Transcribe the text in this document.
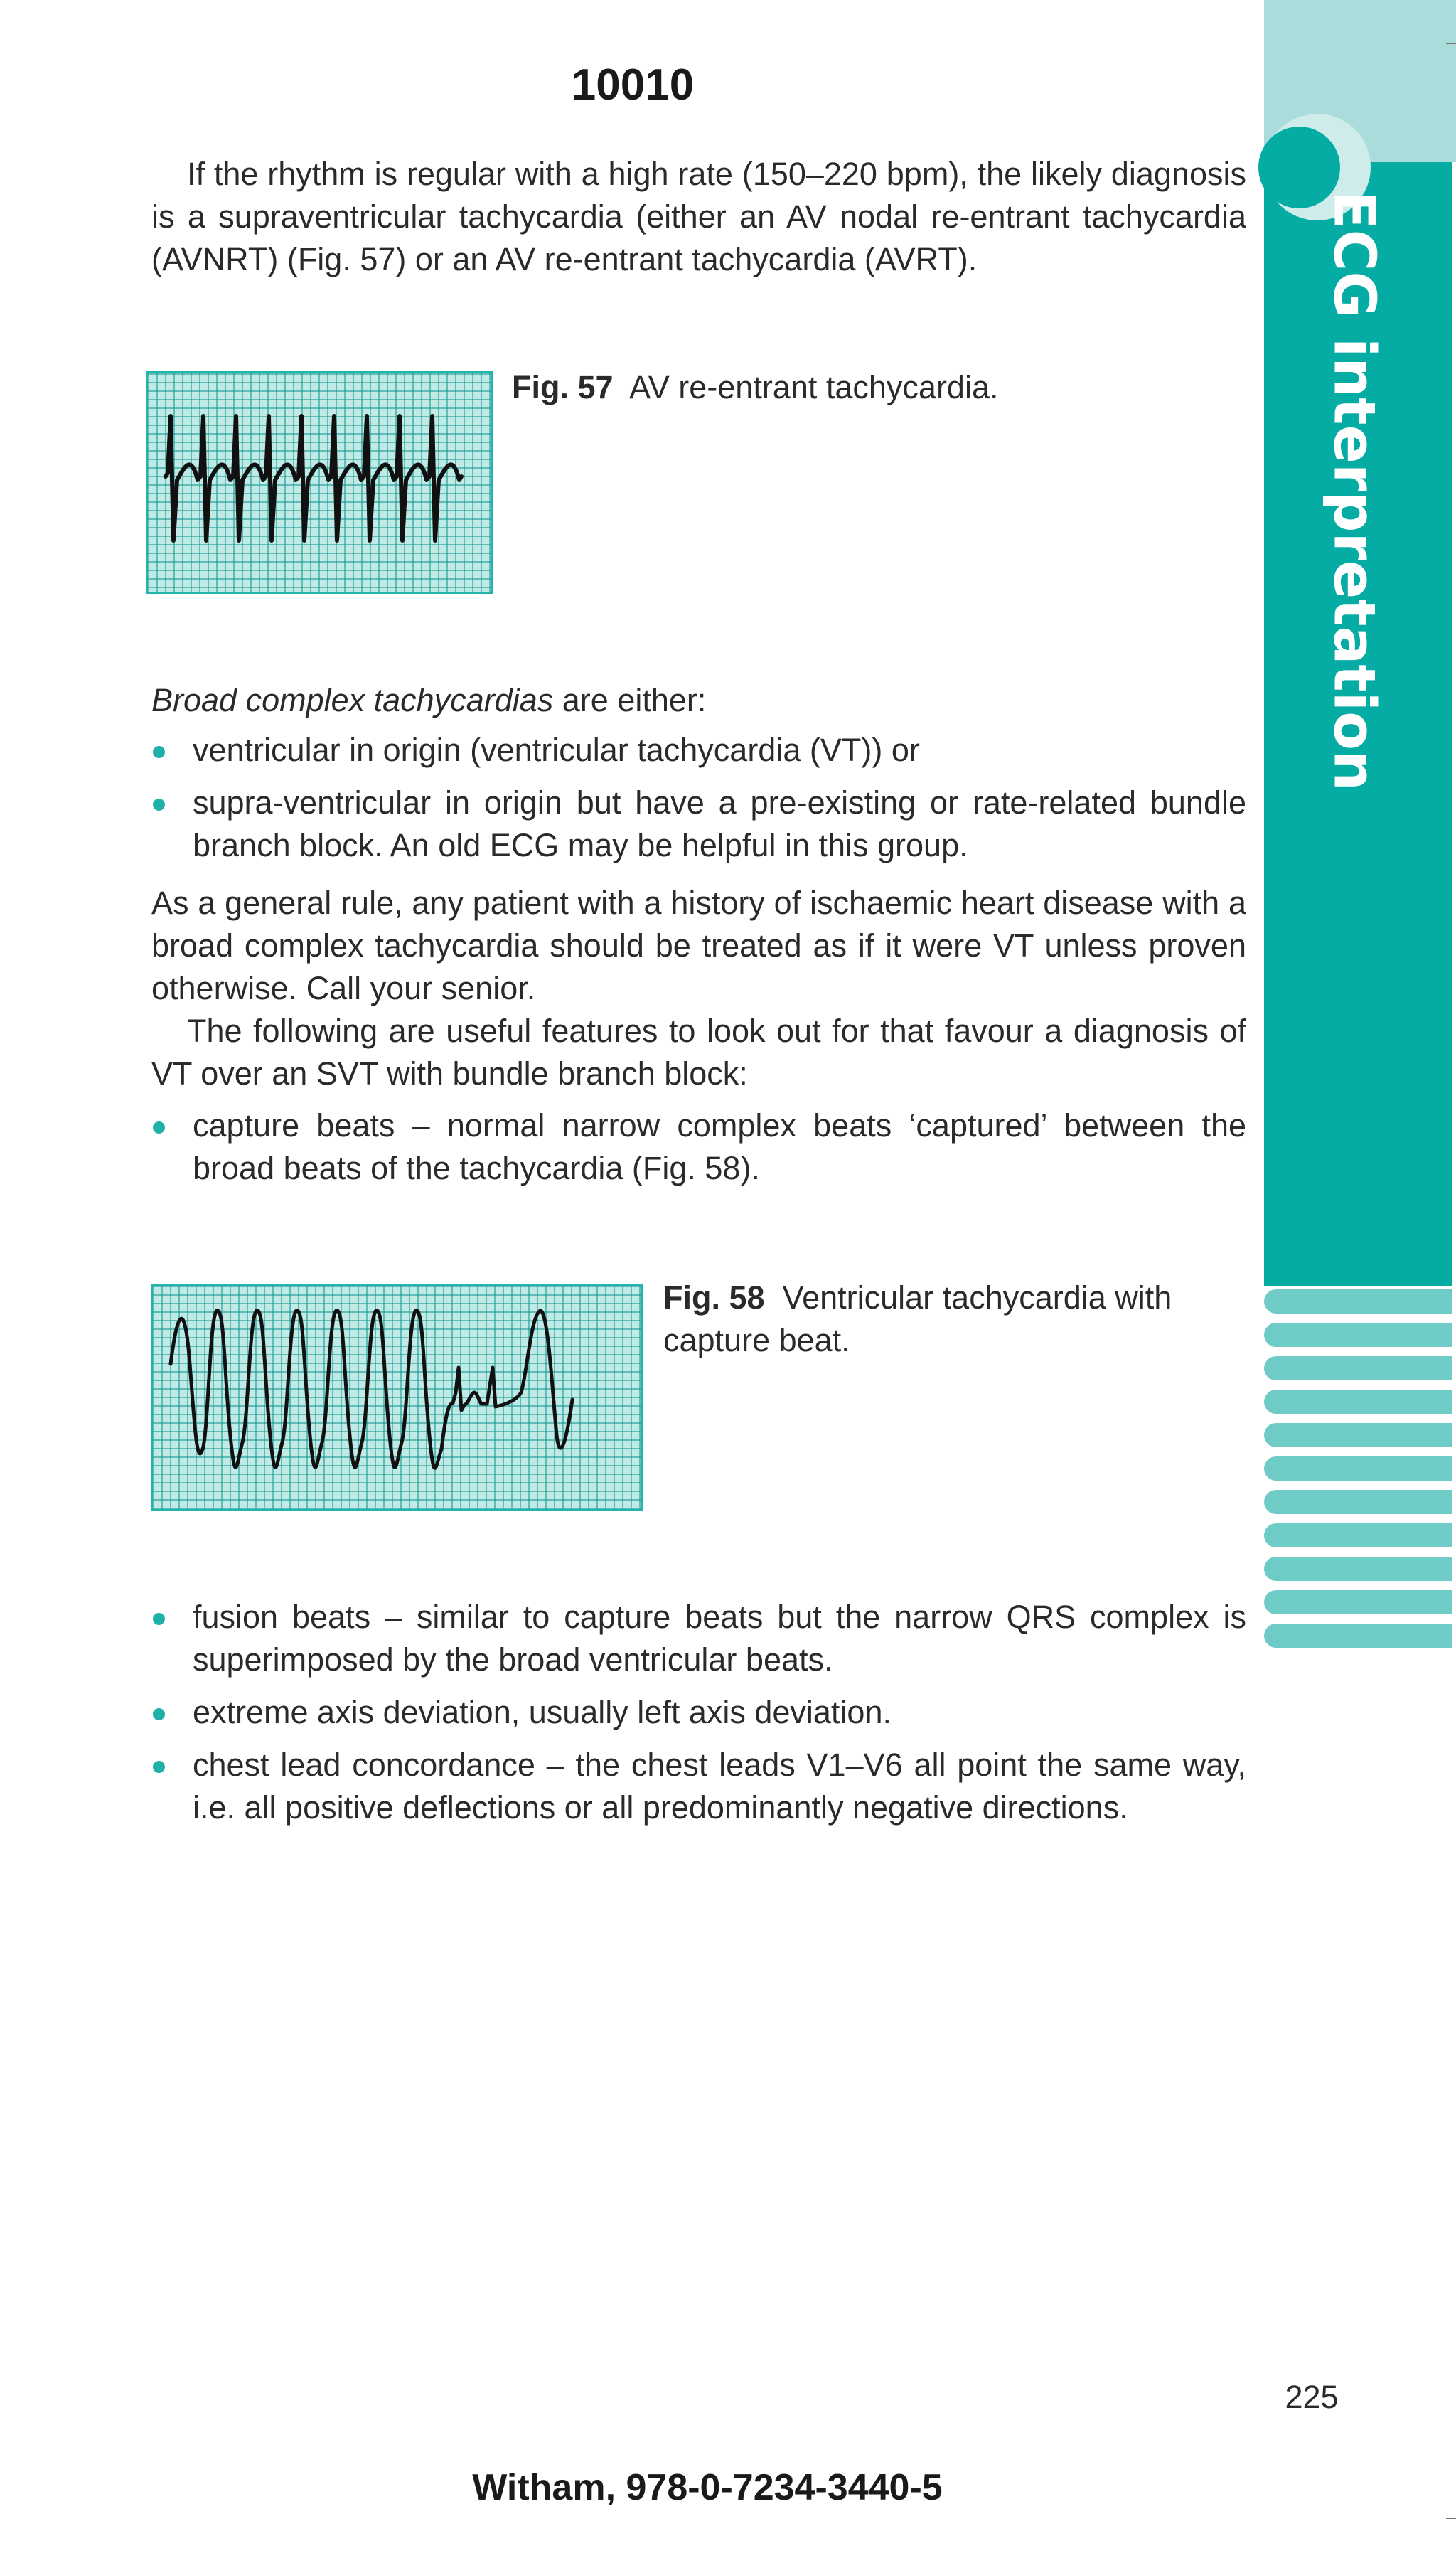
ECG interpretation
10010

If the rhythm is regular with a high rate (150–220 bpm), the likely diagnosis is a supraventricular tachycardia (either an AV nodal re-entrant tachycardia (AVNRT) (Fig. 57) or an AV re-entrant tachycardia (AVRT).

Fig. 57 AV re-entrant tachycardia.

Broad complex tachycardias are either:

ventricular in origin (ventricular tachycardia (VT)) or
supra-ventricular in origin but have a pre-existing or rate-related bundle branch block. An old ECG may be helpful in this group.

As a general rule, any patient with a history of ischaemic heart disease with a broad complex tachycardia should be treated as if it were VT unless proven otherwise. Call your senior.

The following are useful features to look out for that favour a diagnosis of VT over an SVT with bundle branch block:

capture beats – normal narrow complex beats ‘captured’ between the broad beats of the tachycardia (Fig. 58).
Fig. 58 Ventricular tachycardia with capture beat.
fusion beats – similar to capture beats but the narrow QRS complex is superimposed by the broad ventricular beats.
extreme axis deviation, usually left axis deviation.
chest lead concordance – the chest leads V1–V6 all point the same way, i.e. all positive deflections or all predominantly negative directions.
225
Witham, 978-0-7234-3440-5
